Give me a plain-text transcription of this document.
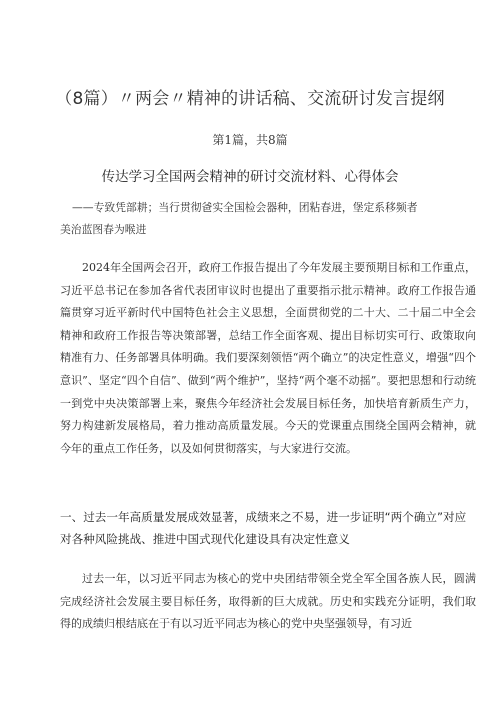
（8篇）〃两会〃精神的讲话稿、交流研讨发言提纲
第1篇，共8篇
传达学习全国两会精神的研讨交流材料、心得体会
——专致凭部耕；当行贯彻爸实全国检会器种，团粘春进，堡定系移频者
美治蓝图春为喉进

2024年全国两会召开，政府工作报告提出了今年发展主要预期目标和工作重点，习近平总书记在参加各省代表团审议时也提出了重要指示批示精神。政府工作报告通篇贯穿习近平新时代中国特色社会主义思想，全面贯彻党的二十大、二十届二中全会精神和政府工作报告等决策部署，总结工作全面客观、提出目标切实可行、政策取向精准有力、任务部署具体明确。我们要深刻领悟“两个确立”的决定性意义，增强“四个意识”、坚定“四个自信”、做到“两个维护”，坚持“两个毫不动摇”。要把思想和行动统一到党中央决策部署上来，聚焦今年经济社会发展目标任务，加快培育新质生产力，努力构建新发展格局，着力推动高质量发展。今天的党课重点围绕全国两会精神，就今年的重点工作任务，以及如何贯彻落实，与大家进行交流。

一、过去一年高质量发展成效显著，成绩来之不易，进一步证明“两个确立”对应对各种风险挑战、推进中国式现代化建设具有决定性意义

过去一年，以习近平同志为核心的党中央团结带领全党全军全国各族人民，圆满完成经济社会发展主要目标任务，取得新的巨大成就。历史和实践充分证明，我们取得的成绩归根结底在于有以习近平同志为核心的党中央坚强领导，有习近
